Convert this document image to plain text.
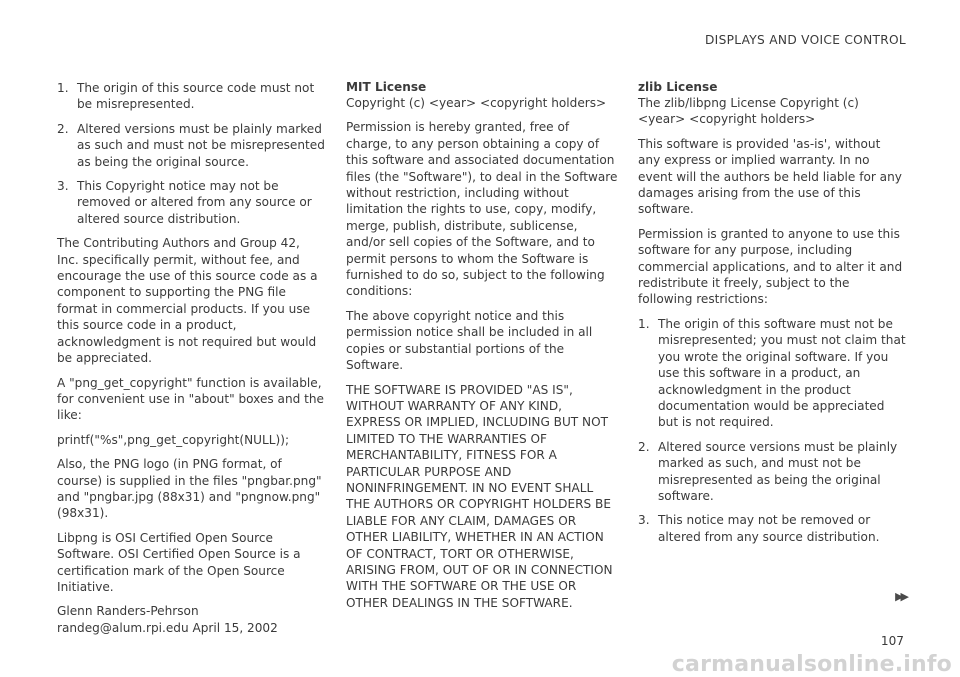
DISPLAYS AND VOICE CONTROL
1. The origin of this source code must not be misrepresented.
2. Altered versions must be plainly marked as such and must not be misrepresented as being the original source.
3. This Copyright notice may not be removed or altered from any source or altered source distribution.

The Contributing Authors and Group 42, Inc. specifically permit, without fee, and encourage the use of this source code as a component to supporting the PNG file format in commercial products. If you use this source code in a product, acknowledgment is not required but would be appreciated.

A "png_get_copyright" function is available, for convenient use in "about" boxes and the like:

printf("%s",png_get_copyright(NULL));

Also, the PNG logo (in PNG format, of course) is supplied in the files "pngbar.png" and "pngbar.jpg (88x31) and "pngnow.png" (98x31).

Libpng is OSI Certified Open Source Software. OSI Certified Open Source is a certification mark of the Open Source Initiative.

Glenn Randers-Pehrson randeg@alum.rpi.edu April 15, 2002

MIT License

Copyright (c) <year> <copyright holders>

Permission is hereby granted, free of charge, to any person obtaining a copy of this software and associated documentation files (the "Software"), to deal in the Software without restriction, including without limitation the rights to use, copy, modify, merge, publish, distribute, sublicense, and/or sell copies of the Software, and to permit persons to whom the Software is furnished to do so, subject to the following conditions:

The above copyright notice and this permission notice shall be included in all copies or substantial portions of the Software.

THE SOFTWARE IS PROVIDED "AS IS", WITHOUT WARRANTY OF ANY KIND, EXPRESS OR IMPLIED, INCLUDING BUT NOT LIMITED TO THE WARRANTIES OF MERCHANTABILITY, FITNESS FOR A PARTICULAR PURPOSE AND NONINFRINGEMENT. IN NO EVENT SHALL THE AUTHORS OR COPYRIGHT HOLDERS BE LIABLE FOR ANY CLAIM, DAMAGES OR OTHER LIABILITY, WHETHER IN AN ACTION OF CONTRACT, TORT OR OTHERWISE, ARISING FROM, OUT OF OR IN CONNECTION WITH THE SOFTWARE OR THE USE OR OTHER DEALINGS IN THE SOFTWARE.

zlib License

The zlib/libpng License Copyright (c) <year> <copyright holders>

This software is provided 'as-is', without any express or implied warranty. In no event will the authors be held liable for any damages arising from the use of this software.

Permission is granted to anyone to use this software for any purpose, including commercial applications, and to alter it and redistribute it freely, subject to the following restrictions:

1. The origin of this software must not be misrepresented; you must not claim that you wrote the original software. If you use this software in a product, an acknowledgment in the product documentation would be appreciated but is not required.
2. Altered source versions must be plainly marked as such, and must not be misrepresented as being the original software.
3. This notice may not be removed or altered from any source distribution.
▶▶
107
carmanualsonline.info
